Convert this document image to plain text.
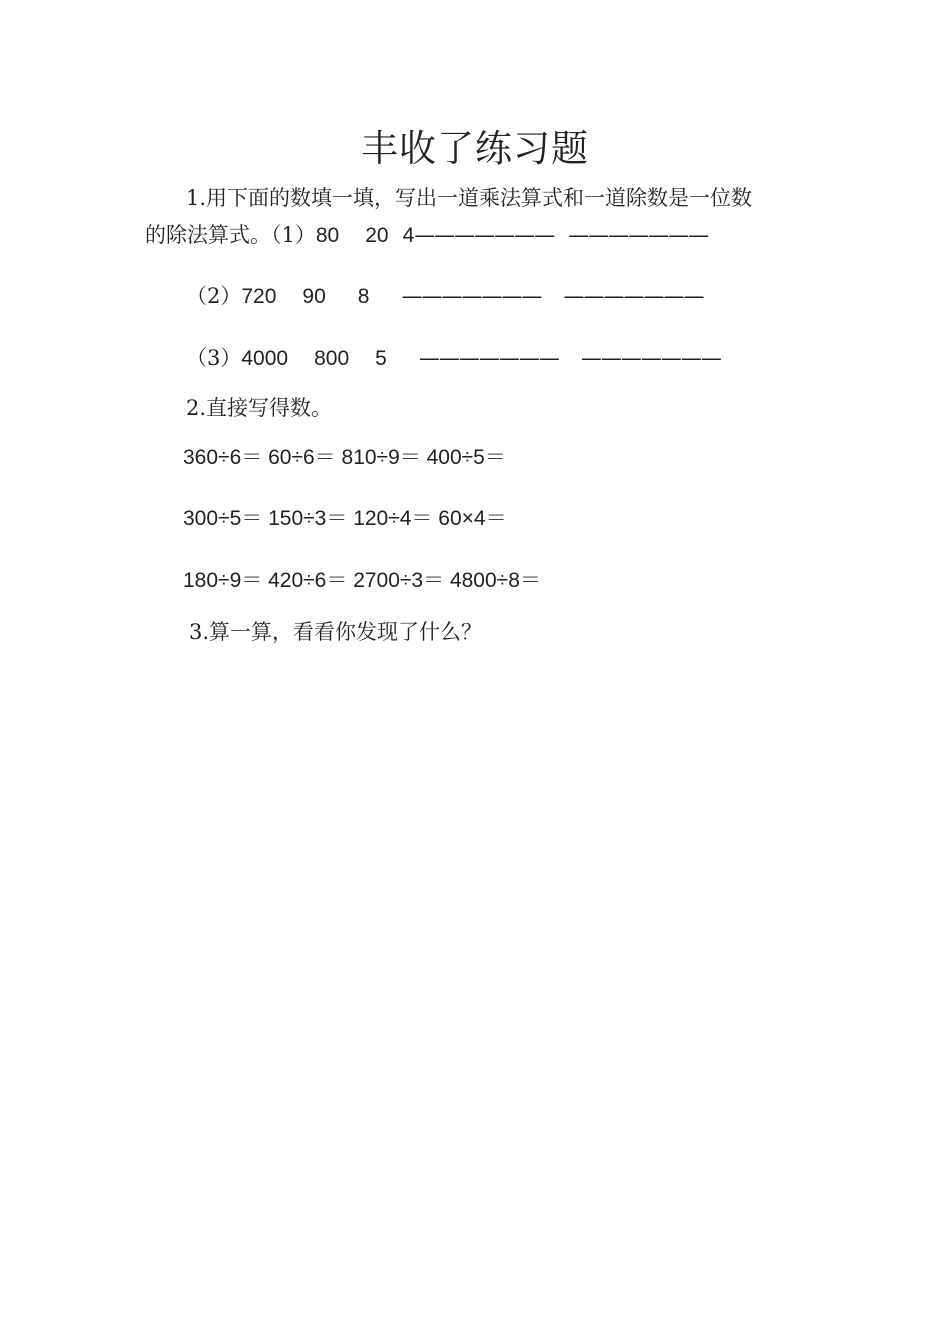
丰收了练习题
1.用下面的数填一填，写出一道乘法算式和一道除数是一位数
的除法算式。（1）80 20 4——————— ———————
（2）720 90 8 ——————— ———————
（3）4000 800 5 ——————— ———————
2.直接写得数。
360÷6＝ 60÷6＝ 810÷9＝ 400÷5＝
300÷5＝ 150÷3＝ 120÷4＝ 60×4＝
180÷9＝ 420÷6＝ 2700÷3＝ 4800÷8＝
3.算一算，看看你发现了什么？
